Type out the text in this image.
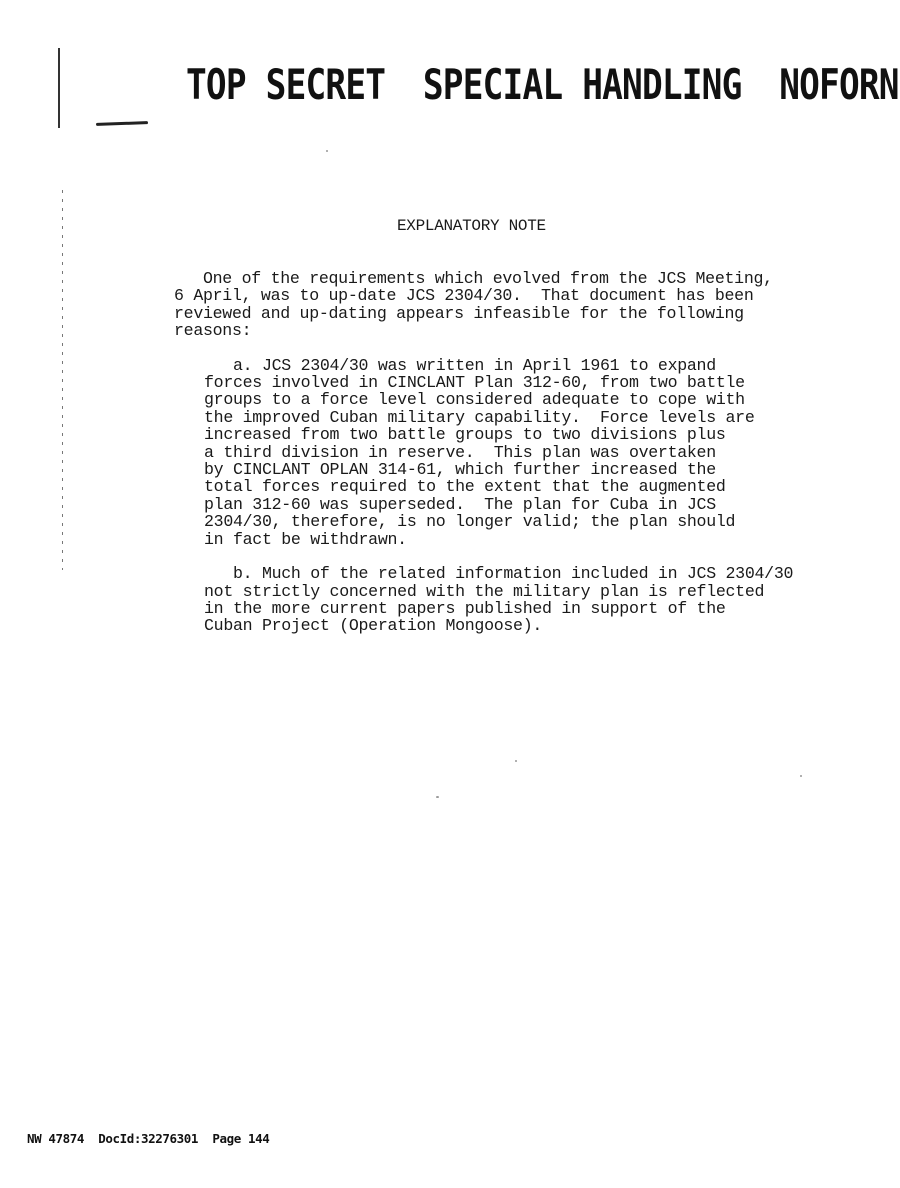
TOP SECRET SPECIAL HANDLING NOFORN
EXPLANATORY NOTE
One of the requirements which evolved from the JCS Meeting,
6 April, was to up-date JCS 2304/30.  That document has been
reviewed and up-dating appears infeasible for the following
reasons:
a. JCS 2304/30 was written in April 1961 to expand
forces involved in CINCLANT Plan 312-60, from two battle
groups to a force level considered adequate to cope with
the improved Cuban military capability.  Force levels are
increased from two battle groups to two divisions plus
a third division in reserve.  This plan was overtaken
by CINCLANT OPLAN 314-61, which further increased the
total forces required to the extent that the augmented
plan 312-60 was superseded.  The plan for Cuba in JCS
2304/30, therefore, is no longer valid; the plan should
in fact be withdrawn.
b. Much of the related information included in JCS 2304/30
not strictly concerned with the military plan is reflected
in the more current papers published in support of the
Cuban Project (Operation Mongoose).
NW 47874 DocId:32276301 Page 144
